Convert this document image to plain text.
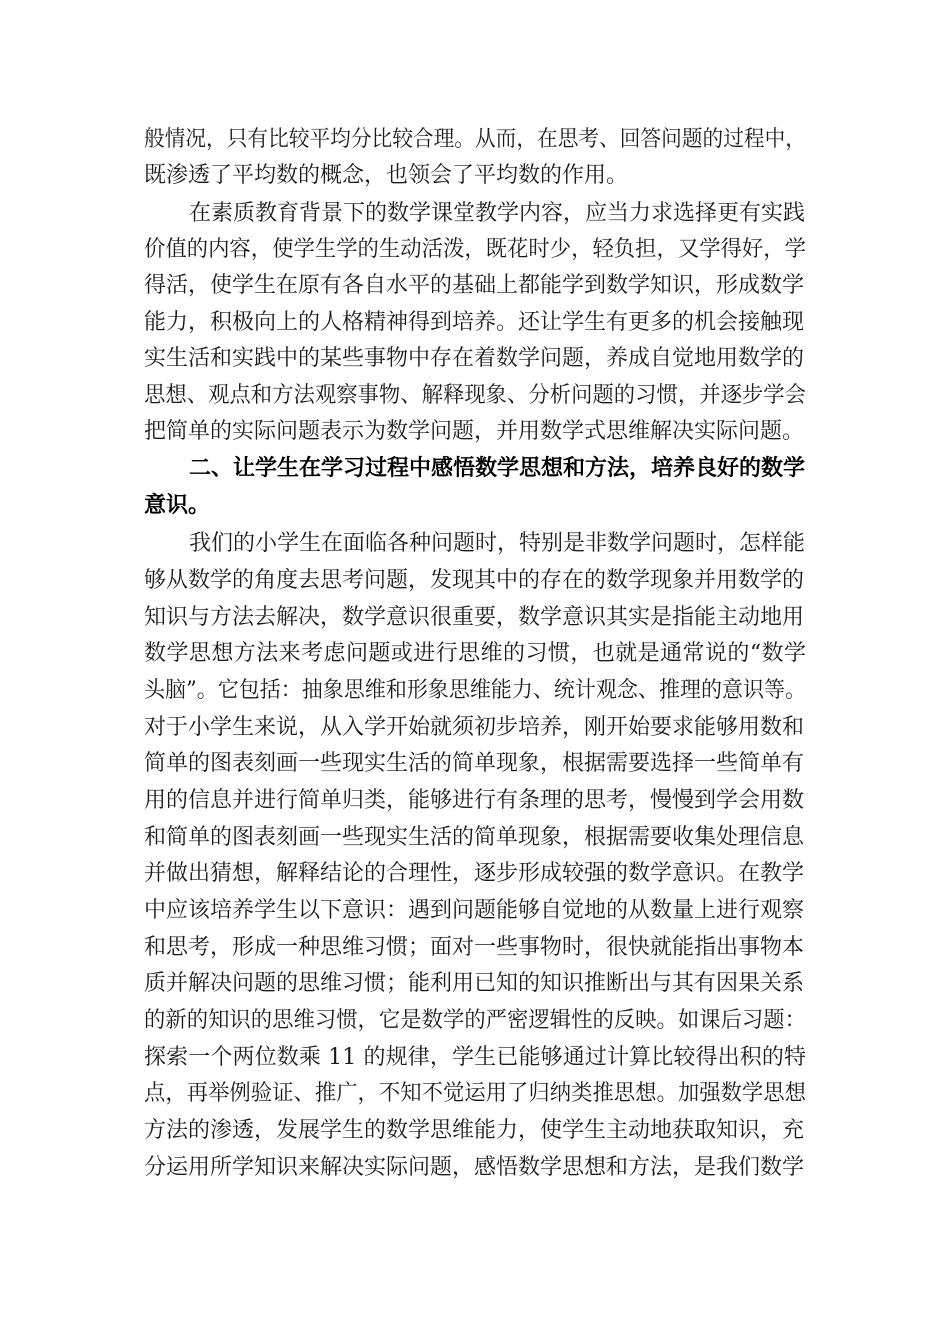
般情况，只有比较平均分比较合理。从而，在思考、回答问题的过程中，
既渗透了平均数的概念，也领会了平均数的作用。
在素质教育背景下的数学课堂教学内容，应当力求选择更有实践
价值的内容，使学生学的生动活泼，既花时少，轻负担，又学得好，学
得活，使学生在原有各自水平的基础上都能学到数学知识，形成数学
能力，积极向上的人格精神得到培养。还让学生有更多的机会接触现
实生活和实践中的某些事物中存在着数学问题，养成自觉地用数学的
思想、观点和方法观察事物、解释现象、分析问题的习惯，并逐步学会
把简单的实际问题表示为数学问题，并用数学式思维解决实际问题。
二、让学生在学习过程中感悟数学思想和方法，培养良好的数学
意识。
我们的小学生在面临各种问题时，特别是非数学问题时，怎样能
够从数学的角度去思考问题，发现其中的存在的数学现象并用数学的
知识与方法去解决，数学意识很重要，数学意识其实是指能主动地用
数学思想方法来考虑问题或进行思维的习惯，也就是通常说的“数学
头脑”。它包括：抽象思维和形象思维能力、统计观念、推理的意识等。
对于小学生来说，从入学开始就须初步培养，刚开始要求能够用数和
简单的图表刻画一些现实生活的简单现象，根据需要选择一些简单有
用的信息并进行简单归类，能够进行有条理的思考，慢慢到学会用数
和简单的图表刻画一些现实生活的简单现象，根据需要收集处理信息
并做出猜想，解释结论的合理性，逐步形成较强的数学意识。在教学
中应该培养学生以下意识：遇到问题能够自觉地的从数量上进行观察
和思考，形成一种思维习惯；面对一些事物时，很快就能指出事物本
质并解决问题的思维习惯；能利用已知的知识推断出与其有因果关系
的新的知识的思维习惯，它是数学的严密逻辑性的反映。如课后习题：
探索一个两位数乘 11 的规律，学生已能够通过计算比较得出积的特
点，再举例验证、推广，不知不觉运用了归纳类推思想。加强数学思想
方法的渗透，发展学生的数学思维能力，使学生主动地获取知识，充
分运用所学知识来解决实际问题，感悟数学思想和方法，是我们数学
